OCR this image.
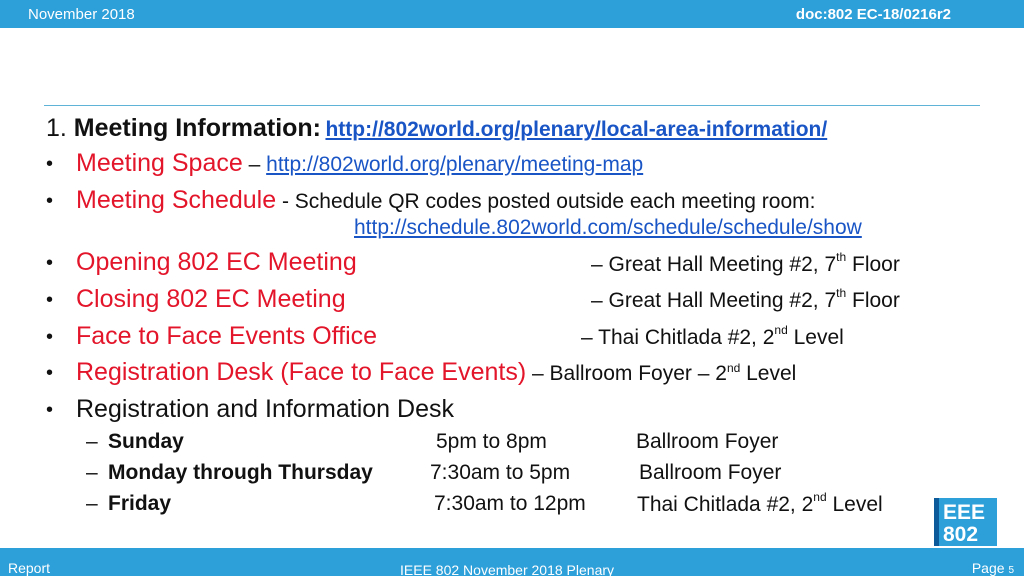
November 2018	doc:802 EC-18/0216r2
1. Meeting Information: http://802world.org/plenary/local-area-information/
• Meeting Space – http://802world.org/plenary/meeting-map
• Meeting Schedule - Schedule QR codes posted outside each meeting room:
http://schedule.802world.com/schedule/schedule/show
• Opening 802 EC Meeting	– Great Hall Meeting #2, 7th Floor
• Closing 802 EC Meeting	– Great Hall Meeting #2, 7th Floor
• Face to Face Events Office	– Thai Chitlada #2, 2nd Level
• Registration Desk (Face to Face Events) – Ballroom Foyer – 2nd Level
• Registration and Information Desk
– Sunday	5pm to 8pm	Ballroom Foyer
– Monday through Thursday	7:30am to 5pm	Ballroom Foyer
– Friday	7:30am to 12pm Thai Chitlada #2, 2nd Level	EEE
802
Report	IEEE 802 November 2018 Plenary	Page 5
